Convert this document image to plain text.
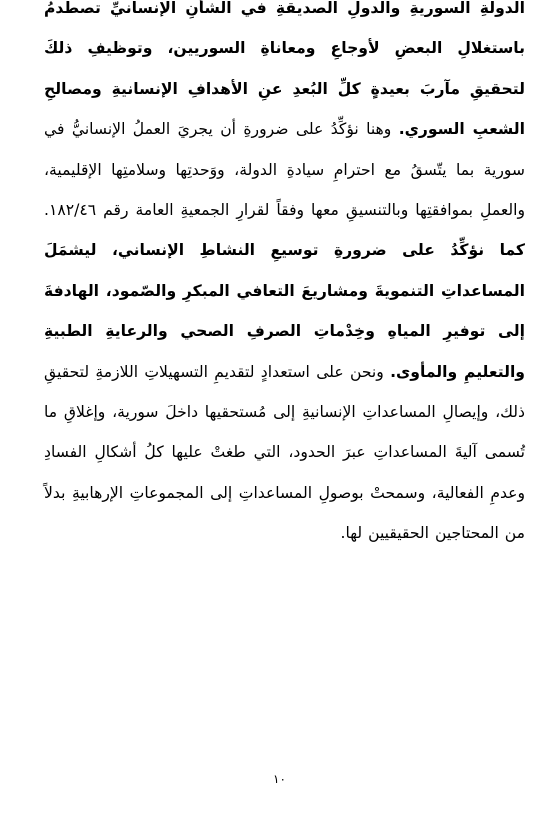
الدولةِ السوريةِ والدولِ الصديقةِ في الشأنِ الإنسانيِّ تصطدمُ باستغلالِ البعضِ لأوجاعِ ومعاناةِ السوريين، وتوظيفِ ذلكَ لتحقيقِ مآربَ بعيدةٍ كلِّ البُعدِ عنِ الأهدافِ الإنسانيةِ ومصالحِ الشعبِ السوري. وهنا نؤكِّدُ على ضرورةِ أن يجريَ العملُ الإنسانيُّ في سورية بما يتّسقُ مع احترامِ سيادةِ الدولة، ووَحدتِها وسلامتِها الإقليمية، والعملِ بموافقتِها وبالتنسيقِ معها وفقاً لقرارِ الجمعيةِ العامة رقم ١٨٢/٤٦. كما نؤكِّدُ على ضرورةِ توسيعِ النشاطِ الإنساني، ليشمَلَ المساعداتِ التنمويةَ ومشاريعَ التعافي المبكرِ والصّمود، الهادفةَ إلى توفيرِ المياهِ وخِدْماتِ الصرفِ الصحي والرعايةِ الطبيةِ والتعليمِ والمأوى. ونحن على استعدادٍ لتقديمِ التسهيلاتِ اللازمةِ لتحقيقِ ذلك، وإيصالِ المساعداتِ الإنسانيةِ إلى مُستحقيها داخلَ سورية، وإغلاقِ ما تُسمى آليةَ المساعداتِ عبرَ الحدود، التي طغتْ عليها كلُ أشكالِ الفسادِ وعدمِ الفعالية، وسمحتْ بوصولِ المساعداتِ إلى المجموعاتِ الإرهابيةِ بدلاً من المحتاجين الحقيقيين لها.
١٠
